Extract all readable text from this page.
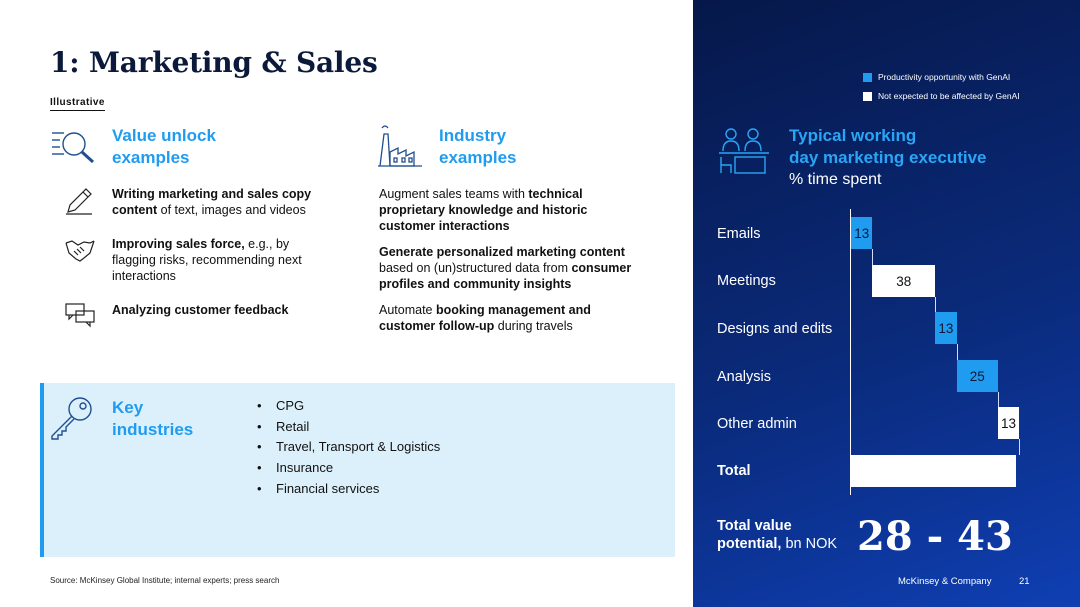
1: Marketing & Sales
Illustrative
Value unlock
examples
Writing marketing and sales copy content of text, images and videos
Improving sales force, e.g., by flagging risks, recommending next interactions
Analyzing customer feedback
Industry
examples
Augment sales teams with technical proprietary knowledge and historic customer interactions
Generate personalized marketing content based on (un)structured data from consumer profiles and community insights
Automate booking management and customer follow-up during travels
Key
industries
• CPG
• Retail
• Travel, Transport & Logistics
• Insurance
• Financial services
Source: McKinsey Global Institute; internal experts; press search
Productivity opportunity with GenAI
Not expected to be affected by GenAI
Typical working
day marketing executive
% time spent
Emails
Meetings
Designs and edits
Analysis
Other admin
Total
13
38
13
25
13
Total value
potential, bn NOK 28 - 43
McKinsey & Company	21
